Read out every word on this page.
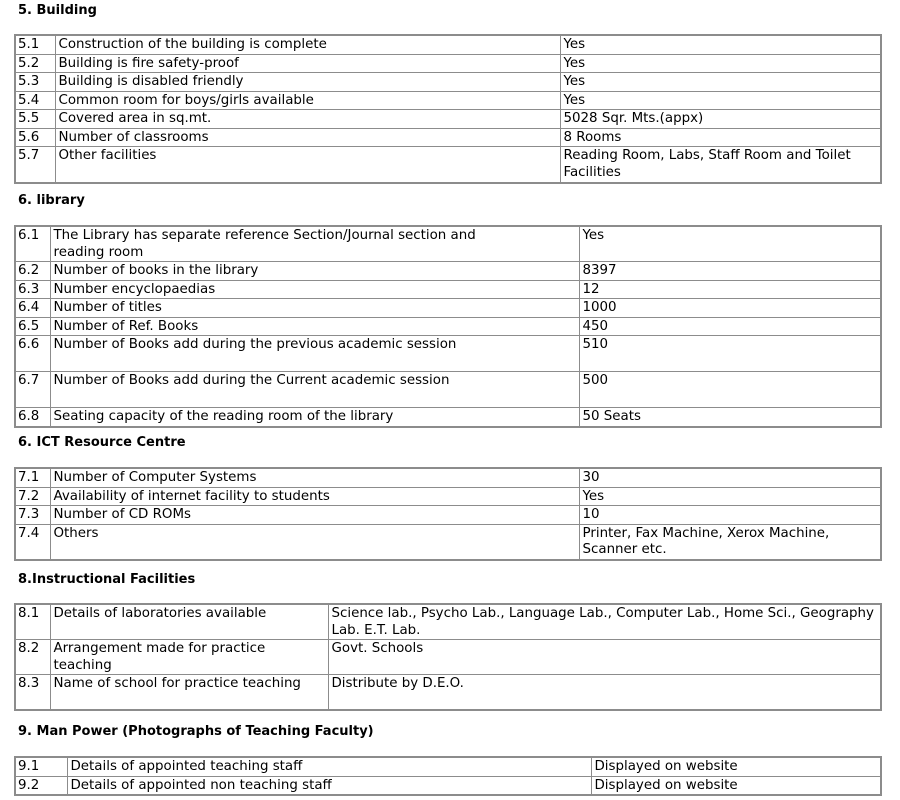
5. Building
5.1	Construction of the building is complete	Yes
5.2	Building is fire safety-proof	Yes
5.3	Building is disabled friendly	Yes
5.4	Common room for boys/girls available	Yes
5.5	Covered area in sq.mt.	5028 Sqr. Mts.(appx)
5.6	Number of classrooms	8 Rooms
5.7	Other facilities	Reading Room, Labs, Staff Room and Toilet Facilities
6. library
6.1	The Library has separate reference Section/Journal section and reading room	Yes
6.2	Number of books in the library	8397
6.3	Number encyclopaedias	12
6.4	Number of titles	1000
6.5	Number of Ref. Books	450
6.6	Number of Books add during the previous academic session	510
6.7	Number of Books add during the Current academic session	500
6.8	Seating capacity of the reading room of the library	50 Seats
6. ICT Resource Centre
7.1	Number of Computer Systems	30
7.2	Availability of internet facility to students	Yes
7.3	Number of CD ROMs	10
7.4	Others	Printer, Fax Machine, Xerox Machine, Scanner etc.
8.Instructional Facilities
8.1	Details of laboratories available	Science lab., Psycho Lab., Language Lab., Computer Lab., Home Sci., Geography Lab. E.T. Lab.
8.2	Arrangement made for practice teaching	Govt. Schools
8.3	Name of school for practice teaching	Distribute by D.E.O.
9. Man Power (Photographs of Teaching Faculty)
9.1	Details of appointed teaching staff	Displayed on website
9.2	Details of appointed non teaching staff	Displayed on website
